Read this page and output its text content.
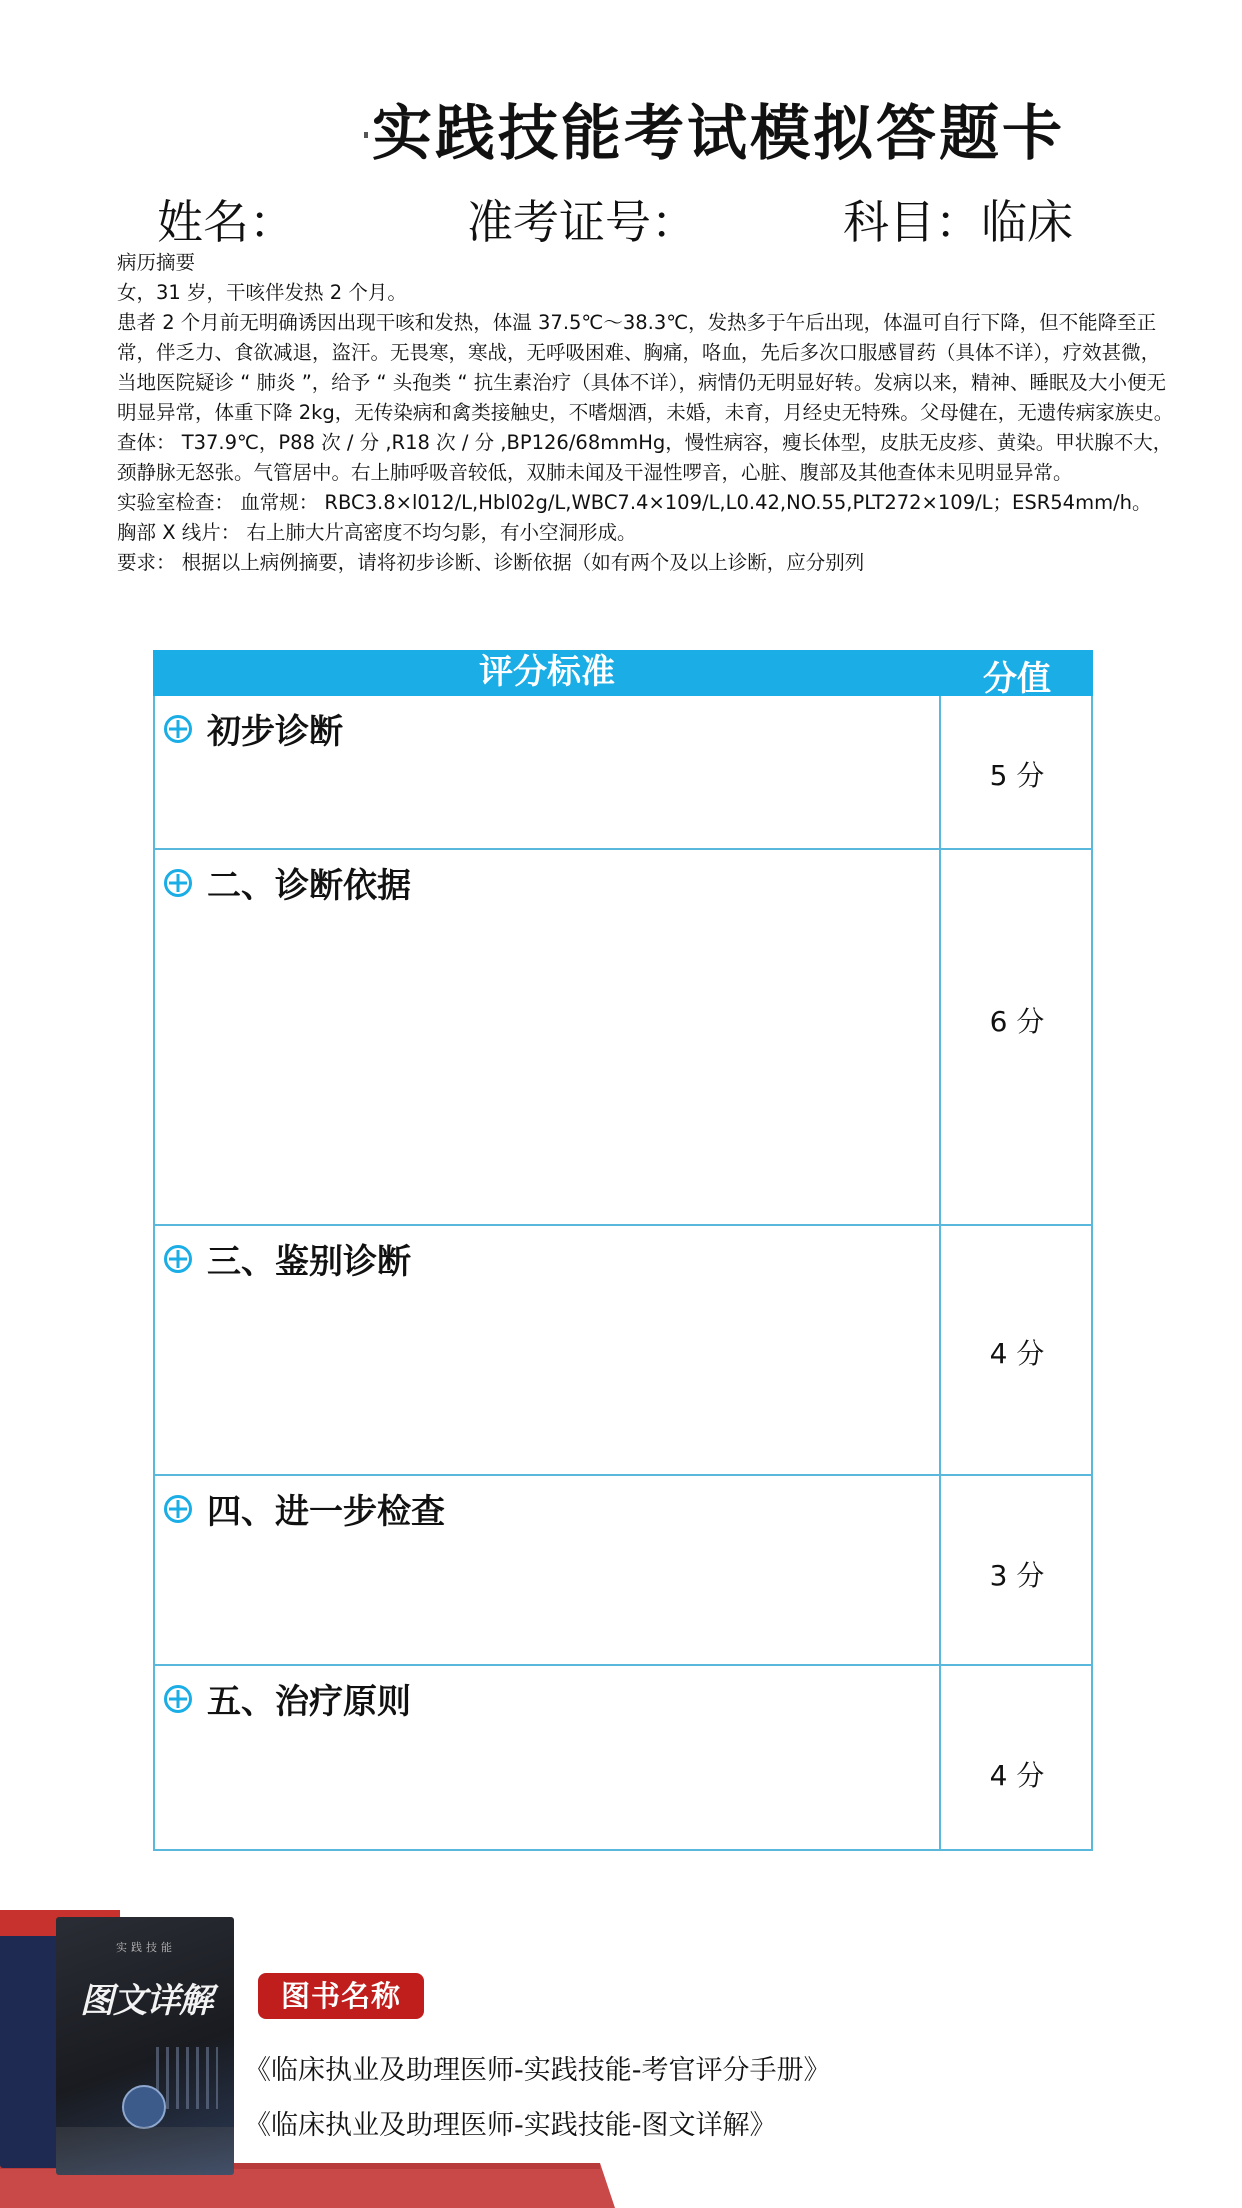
实践技能考试模拟答题卡
姓名：	准考证号：	科目：临床

病历摘要

女，31 岁，干咳伴发热 2 个月。

患者 2 个月前无明确诱因出现干咳和发热，体温 37.5℃～38.3℃，发热多于午后出现，体温可自行下降，但不能降至正常，伴乏力、食欲减退，盗汗。无畏寒，寒战，无呼吸困难、胸痛，咯血，先后多次口服感冒药（具体不详），疗效甚微，当地医院疑诊 “ 肺炎 ”，给予 “ 头孢类 “ 抗生素治疗（具体不详），病情仍无明显好转。发病以来，精神、睡眠及大小便无明显异常，体重下降 2kg，无传染病和禽类接触史，不嗜烟酒，未婚，未育，月经史无特殊。父母健在，无遗传病家族史。查体： T37.9℃，P88 次 / 分 ,R18 次 / 分 ,BP126/68mmHg，慢性病容，瘦长体型，皮肤无皮疹、黄染。甲状腺不大，颈静脉无怒张。气管居中。右上肺呼吸音较低，双肺未闻及干湿性啰音，心脏、腹部及其他查体未见明显异常。

实验室检查： 血常规： RBC3.8×l012/L,Hbl02g/L,WBC7.4×109/L,L0.42,NO.55,PLT272×109/L；ESR54mm/h。

胸部 X 线片： 右上肺大片高密度不均匀影，有小空洞形成。

要求： 根据以上病例摘要，请将初步诊断、诊断依据（如有两个及以上诊断，应分别列

评分标准	分值
初步诊断
5 分
二、诊断依据
6 分
三、鉴别诊断
4 分
四、进一步检查
3 分
五、治疗原则
4 分
实践技能
图文详解	图书名称
《临床执业及助理医师-实践技能-考官评分手册》
《临床执业及助理医师-实践技能-图文详解》
